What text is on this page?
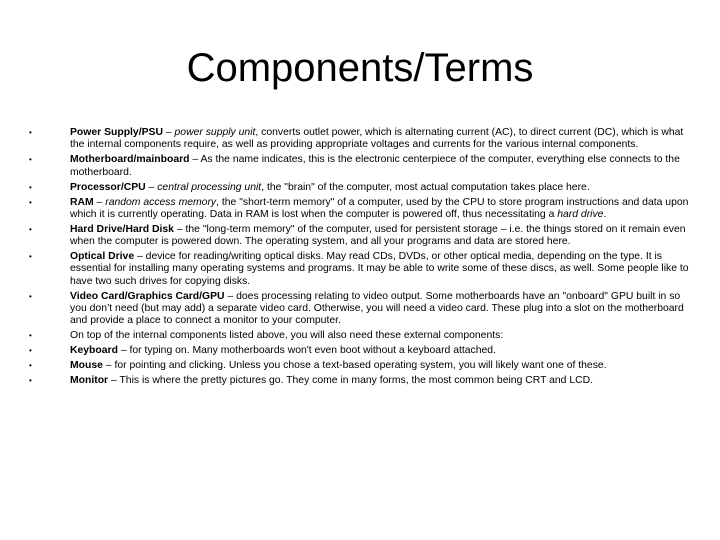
Components/Terms
•	Power Supply/PSU – power supply unit, converts outlet power, which is alternating current (AC), to direct current (DC), which is what the internal components require, as well as providing appropriate voltages and currents for the various internal components.
•	Motherboard/mainboard – As the name indicates, this is the electronic centerpiece of the computer, everything else connects to the motherboard.
•	Processor/CPU – central processing unit, the "brain" of the computer, most actual computation takes place here.
•	RAM – random access memory, the "short-term memory" of a computer, used by the CPU to store program instructions and data upon which it is currently operating. Data in RAM is lost when the computer is powered off, thus necessitating a hard drive.
•	Hard Drive/Hard Disk – the "long-term memory" of the computer, used for persistent storage – i.e. the things stored on it remain even when the computer is powered down. The operating system, and all your programs and data are stored here.
•	Optical Drive – device for reading/writing optical disks. May read CDs, DVDs, or other optical media, depending on the type. It is essential for installing many operating systems and programs. It may be able to write some of these discs, as well. Some people like to have two such drives for copying disks.
•	Video Card/Graphics Card/GPU – does processing relating to video output. Some motherboards have an "onboard" GPU built in so you don’t need (but may add) a separate video card. Otherwise, you will need a video card. These plug into a slot on the motherboard and provide a place to connect a monitor to your computer.
•	On top of the internal components listed above, you will also need these external components:
•	Keyboard – for typing on. Many motherboards won't even boot without a keyboard attached.
•	Mouse – for pointing and clicking. Unless you chose a text-based operating system, you will likely want one of these.
•	Monitor – This is where the pretty pictures go. They come in many forms, the most common being CRT and LCD.
